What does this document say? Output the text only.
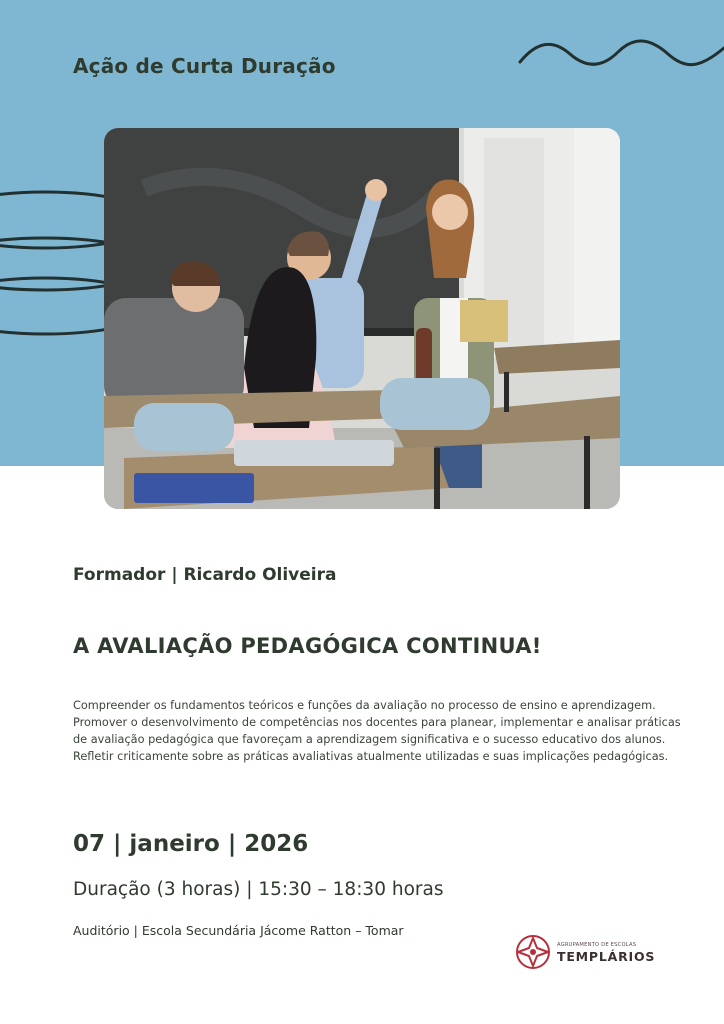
Ação de Curta Duração
Formador | Ricardo Oliveira
A AVALIAÇÃO PEDAGÓGICA CONTINUA!
Compreender os fundamentos teóricos e funções da avaliação no processo de ensino e aprendizagem.
Promover o desenvolvimento de competências nos docentes para planear, implementar e analisar práticas
de avaliação pedagógica que favoreçam a aprendizagem significativa e o sucesso educativo dos alunos.
Refletir criticamente sobre as práticas avaliativas atualmente utilizadas e suas implicações pedagógicas.
07 | janeiro | 2026
Duração (3 horas) | 15:30 – 18:30 horas
Auditório | Escola Secundária Jácome Ratton – Tomar
AGRUPAMENTO DE ESCOLAS
TEMPLÁRIOS
